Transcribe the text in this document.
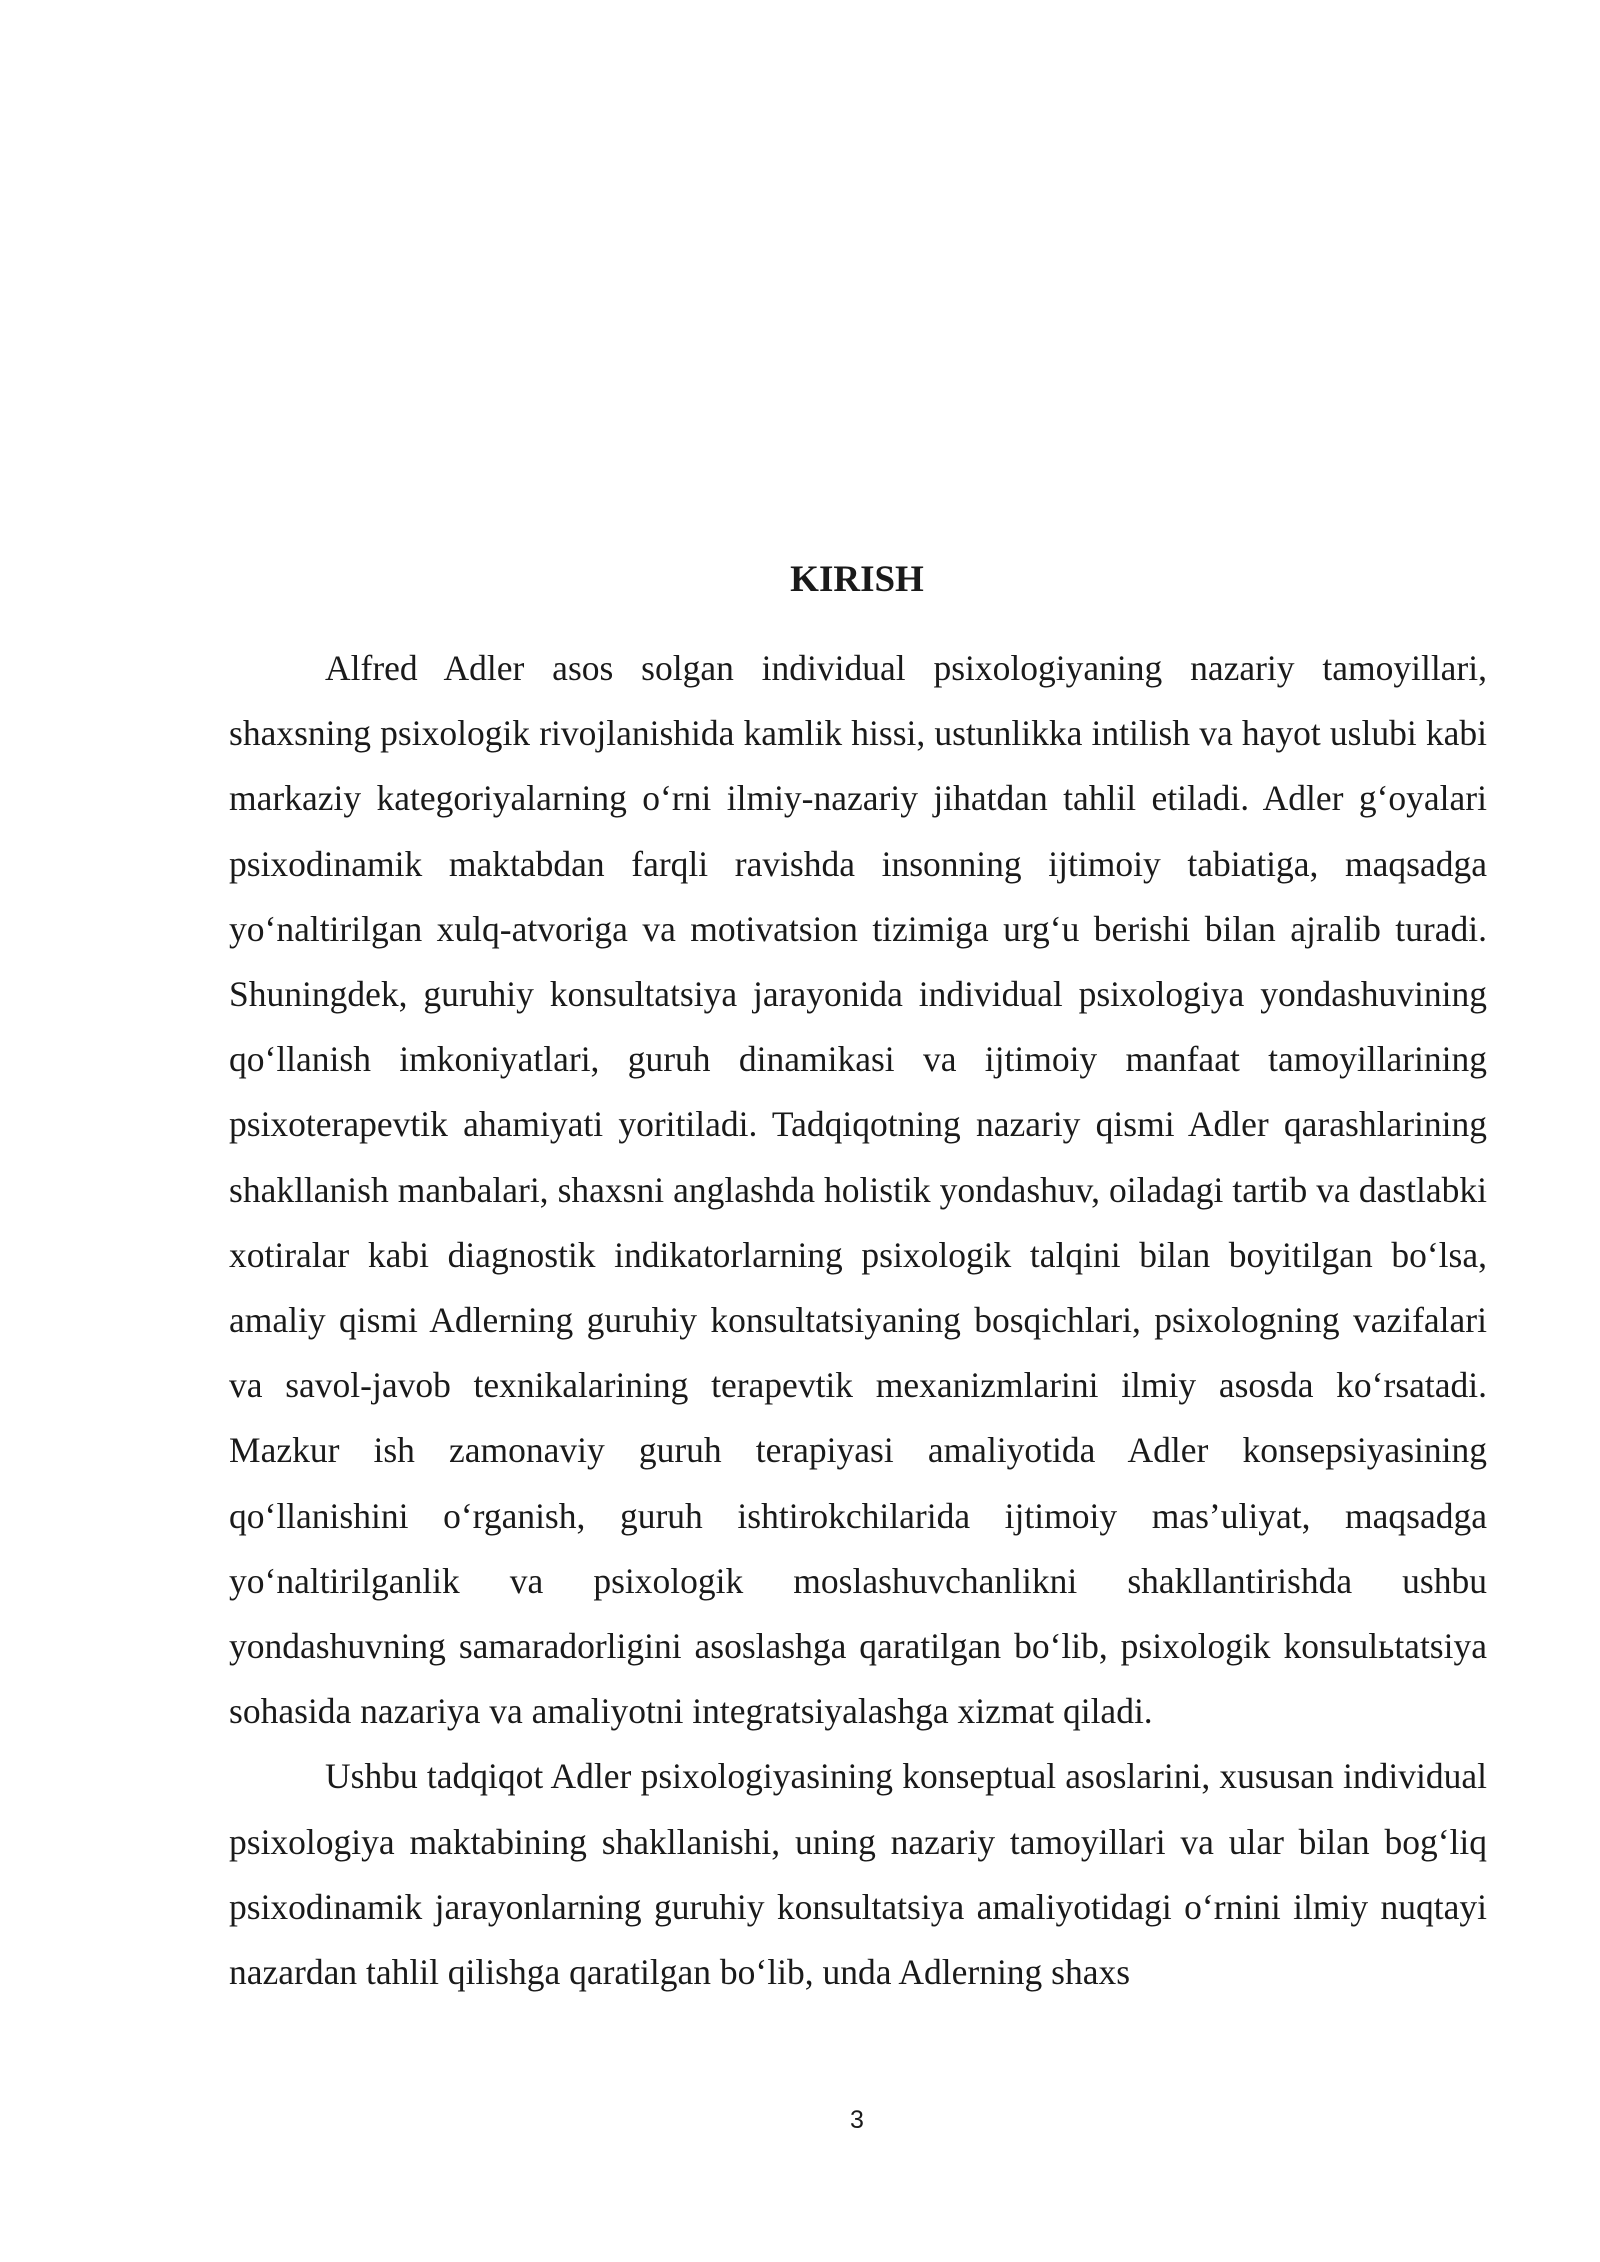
KIRISH

Alfred Adler asos solgan individual psixologiyaning nazariy tamoyillari, shaxsning psixologik rivojlanishida kamlik hissi, ustunlikka intilish va hayot uslubi kabi markaziy kategoriyalarning o‘rni ilmiy-nazariy jihatdan tahlil etiladi. Adler g‘oyalari psixodinamik maktabdan farqli ravishda insonning ijtimoiy tabiatiga, maqsadga yo‘naltirilgan xulq-atvoriga va motivatsion tizimiga urg‘u berishi bilan ajralib turadi. Shuningdek, guruhiy konsultatsiya jarayonida individual psixologiya yondashuvining qo‘llanish imkoniyatlari, guruh dinamikasi va ijtimoiy manfaat tamoyillarining psixoterapevtik ahamiyati yoritiladi. Tadqiqotning nazariy qismi Adler qarashlarining shakllanish manbalari, shaxsni anglashda holistik yondashuv, oiladagi tartib va dastlabki xotiralar kabi diagnostik indikatorlarning psixologik talqini bilan boyitilgan bo‘lsa, amaliy qismi Adlerning guruhiy konsultatsiyaning bosqichlari, psixologning vazifalari va savol-javob texnikalarining terapevtik mexanizmlarini ilmiy asosda ko‘rsatadi. Mazkur ish zamonaviy guruh terapiyasi amaliyotida Adler konsepsiyasining qo‘llanishini o‘rganish, guruh ishtirokchilarida ijtimoiy mas’uliyat, maqsadga yo‘naltirilganlik va psixologik moslashuvchanlikni shakllantirishda ushbu yondashuvning samaradorligini asoslashga qaratilgan bo‘lib, psixologik konsulьtatsiya sohasida nazariya va amaliyotni integratsiyalashga xizmat qiladi.

Ushbu tadqiqot Adler psixologiyasining konseptual asoslarini, xususan individual psixologiya maktabining shakllanishi, uning nazariy tamoyillari va ular bilan bog‘liq psixodinamik jarayonlarning guruhiy konsultatsiya amaliyotidagi o‘rnini ilmiy nuqtayi nazardan tahlil qilishga qaratilgan bo‘lib, unda Adlerning shaxs

3
